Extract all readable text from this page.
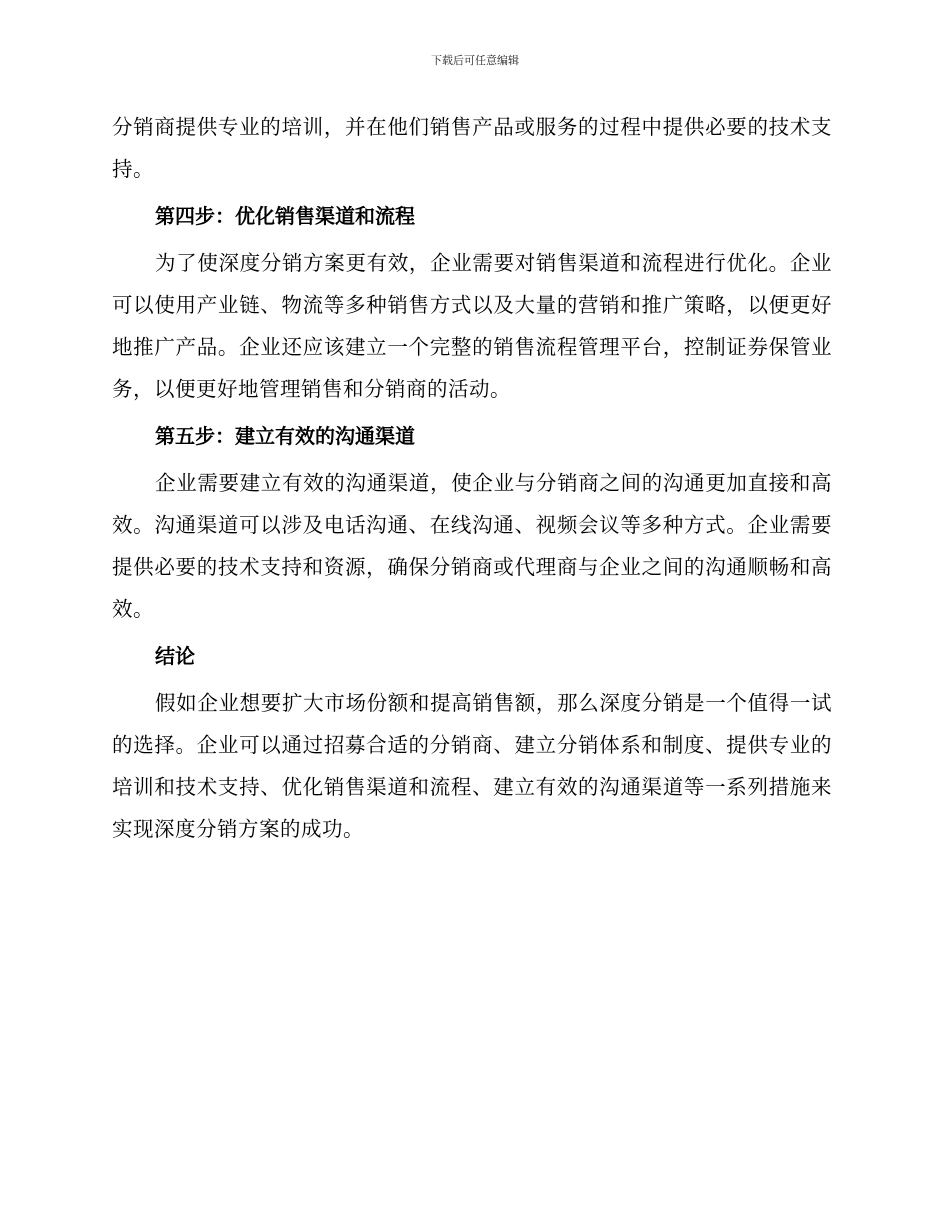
下载后可任意编辑

分销商提供专业的培训，并在他们销售产品或服务的过程中提供必要的技术支持。

第四步：优化销售渠道和流程

为了使深度分销方案更有效，企业需要对销售渠道和流程进行优化。企业可以使用产业链、物流等多种销售方式以及大量的营销和推广策略，以便更好地推广产品。企业还应该建立一个完整的销售流程管理平台，控制证券保管业务，以便更好地管理销售和分销商的活动。

第五步：建立有效的沟通渠道

企业需要建立有效的沟通渠道，使企业与分销商之间的沟通更加直接和高效。沟通渠道可以涉及电话沟通、在线沟通、视频会议等多种方式。企业需要提供必要的技术支持和资源，确保分销商或代理商与企业之间的沟通顺畅和高效。

结论

假如企业想要扩大市场份额和提高销售额，那么深度分销是一个值得一试的选择。企业可以通过招募合适的分销商、建立分销体系和制度、提供专业的培训和技术支持、优化销售渠道和流程、建立有效的沟通渠道等一系列措施来实现深度分销方案的成功。
